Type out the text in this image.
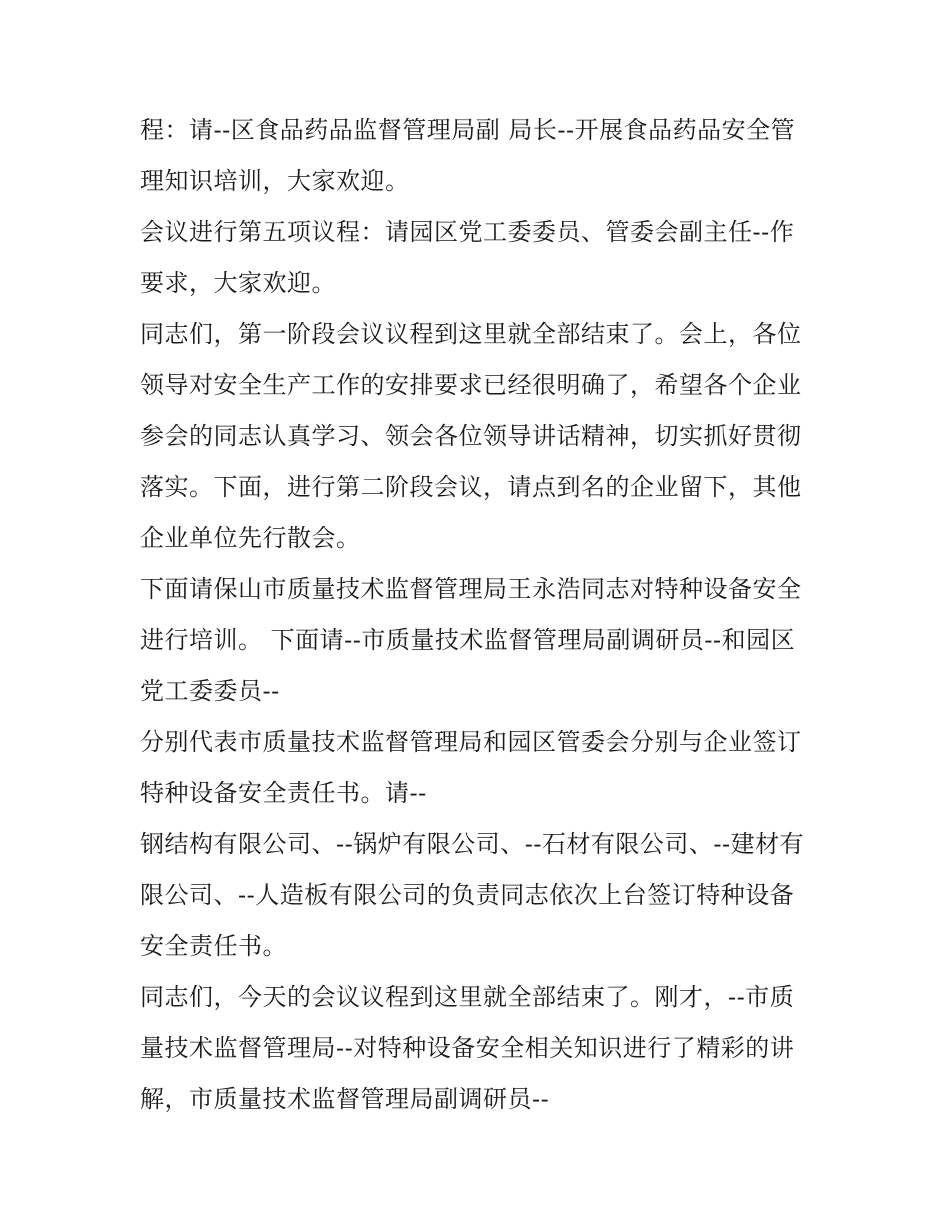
程：请--区食品药品监督管理局副 局长--开展食品药品安全管
理知识培训，大家欢迎。
会议进行第五项议程：请园区党工委委员、管委会副主任--作
要求，大家欢迎。
同志们，第一阶段会议议程到这里就全部结束了。会上，各位
领导对安全生产工作的安排要求已经很明确了，希望各个企业
参会的同志认真学习、领会各位领导讲话精神，切实抓好贯彻
落实。下面，进行第二阶段会议，请点到名的企业留下，其他
企业单位先行散会。
下面请保山市质量技术监督管理局王永浩同志对特种设备安全
进行培训。 下面请--市质量技术监督管理局副调研员--和园区
党工委委员--
分别代表市质量技术监督管理局和园区管委会分别与企业签订
特种设备安全责任书。请--
钢结构有限公司、--锅炉有限公司、--石材有限公司、--建材有
限公司、--人造板有限公司的负责同志依次上台签订特种设备
安全责任书。
同志们，今天的会议议程到这里就全部结束了。刚才，--市质
量技术监督管理局--对特种设备安全相关知识进行了精彩的讲
解，市质量技术监督管理局副调研员--
